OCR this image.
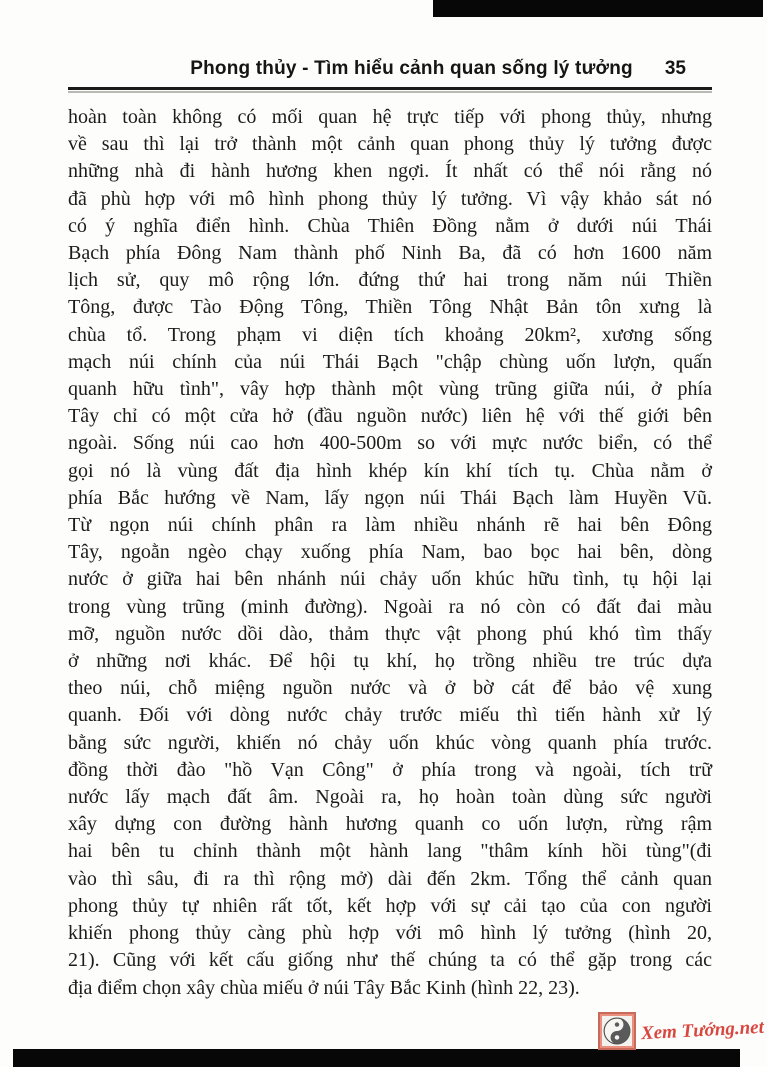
Phong thủy - Tìm hiểu cảnh quan sống lý tưởng 35
hoàn toàn không có mối quan hệ trực tiếp với phong thủy, nhưng
về sau thì lại trở thành một cảnh quan phong thủy lý tưởng được
những nhà đi hành hương khen ngợi. Ít nhất có thể nói rằng nó
đã phù hợp với mô hình phong thủy lý tưởng. Vì vậy khảo sát nó
có ý nghĩa điển hình. Chùa Thiên Đồng nằm ở dưới núi Thái
Bạch phía Đông Nam thành phố Ninh Ba, đã có hơn 1600 năm
lịch sử, quy mô rộng lớn. đứng thứ hai trong năm núi Thiền
Tông, được Tào Động Tông, Thiền Tông Nhật Bản tôn xưng là
chùa tổ. Trong phạm vi diện tích khoảng 20km², xương sống
mạch núi chính của núi Thái Bạch "chập chùng uốn lượn, quấn
quanh hữu tình", vây hợp thành một vùng trũng giữa núi, ở phía
Tây chỉ có một cửa hở (đầu nguồn nước) liên hệ với thế giới bên
ngoài. Sống núi cao hơn 400-500m so với mực nước biển, có thể
gọi nó là vùng đất địa hình khép kín khí tích tụ. Chùa nằm ở
phía Bắc hướng về Nam, lấy ngọn núi Thái Bạch làm Huyền Vũ.
Từ ngọn núi chính phân ra làm nhiều nhánh rẽ hai bên Đông
Tây, ngoằn ngèo chạy xuống phía Nam, bao bọc hai bên, dòng
nước ở giữa hai bên nhánh núi chảy uốn khúc hữu tình, tụ hội lại
trong vùng trũng (minh đường). Ngoài ra nó còn có đất đai màu
mỡ, nguồn nước dồi dào, thảm thực vật phong phú khó tìm thấy
ở những nơi khác. Để hội tụ khí, họ trồng nhiều tre trúc dựa
theo núi, chỗ miệng nguồn nước và ở bờ cát để bảo vệ xung
quanh. Đối với dòng nước chảy trước miếu thì tiến hành xử lý
bằng sức người, khiến nó chảy uốn khúc vòng quanh phía trước.
đồng thời đào "hồ Vạn Công" ở phía trong và ngoài, tích trữ
nước lấy mạch đất âm. Ngoài ra, họ hoàn toàn dùng sức người
xây dựng con đường hành hương quanh co uốn lượn, rừng rậm
hai bên tu chỉnh thành một hành lang "thâm kính hồi tùng"(đi
vào thì sâu, đi ra thì rộng mở) dài đến 2km. Tổng thể cảnh quan
phong thủy tự nhiên rất tốt, kết hợp với sự cải tạo của con người
khiến phong thủy càng phù hợp với mô hình lý tưởng (hình 20,
21). Cũng với kết cấu giống như thế chúng ta có thể gặp trong các
địa điểm chọn xây chùa miếu ở núi Tây Bắc Kinh (hình 22, 23).
Xem Tướng.net
